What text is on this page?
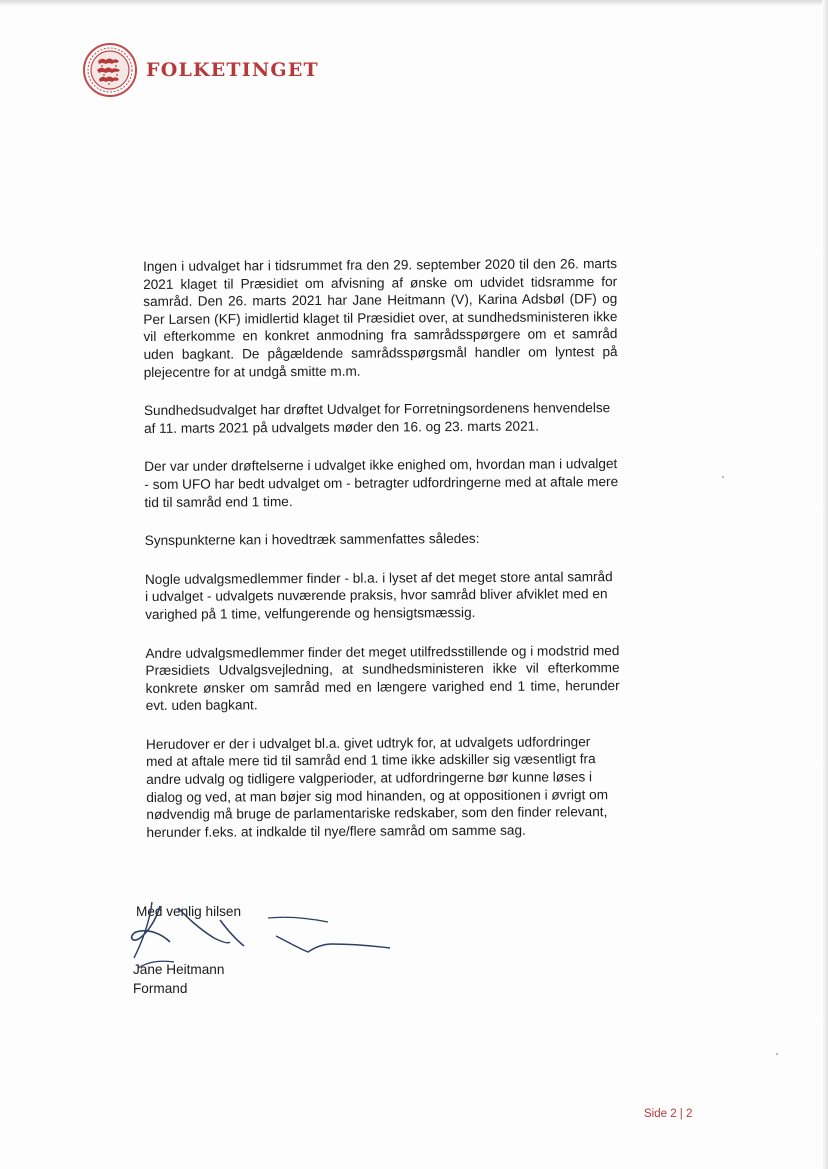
FOLKETINGET

Ingen i udvalget har i tidsrummet fra den 29. september 2020 til den 26. marts 2021 klaget til Præsidiet om afvisning af ønske om udvidet tidsramme for samråd. Den 26. marts 2021 har Jane Heitmann (V), Karina Adsbøl (DF) og Per Larsen (KF) imidlertid klaget til Præsidiet over, at sundhedsministeren ikke vil efterkomme en konkret anmodning fra samrådsspørgere om et samråd uden bagkant. De pågældende samrådsspørgsmål handler om lyntest på plejecentre for at undgå smitte m.m.

Sundhedsudvalget har drøftet Udvalget for Forretningsordenens henvendelse af 11. marts 2021 på udvalgets møder den 16. og 23. marts 2021.

Der var under drøftelserne i udvalget ikke enighed om, hvordan man i udvalget - som UFO har bedt udvalget om - betragter udfordringerne med at aftale mere tid til samråd end 1 time.

Synspunkterne kan i hovedtræk sammenfattes således:

Nogle udvalgsmedlemmer finder - bl.a. i lyset af det meget store antal samråd i udvalget - udvalgets nuværende praksis, hvor samråd bliver afviklet med en varighed på 1 time, velfungerende og hensigtsmæssig.

Andre udvalgsmedlemmer finder det meget utilfredsstillende og i modstrid med Præsidiets Udvalgsvejledning, at sundhedsministeren ikke vil efterkomme konkrete ønsker om samråd med en længere varighed end 1 time, herunder evt. uden bagkant.

Herudover er der i udvalget bl.a. givet udtryk for, at udvalgets udfordringer med at aftale mere tid til samråd end 1 time ikke adskiller sig væsentligt fra andre udvalg og tidligere valgperioder, at udfordringerne bør kunne løses i dialog og ved, at man bøjer sig mod hinanden, og at oppositionen i øvrigt om nødvendig må bruge de parlamentariske redskaber, som den finder relevant, herunder f.eks. at indkalde til nye/flere samråd om samme sag.

Med venlig hilsen
Jane Heitmann
Formand
Side 2 | 2
